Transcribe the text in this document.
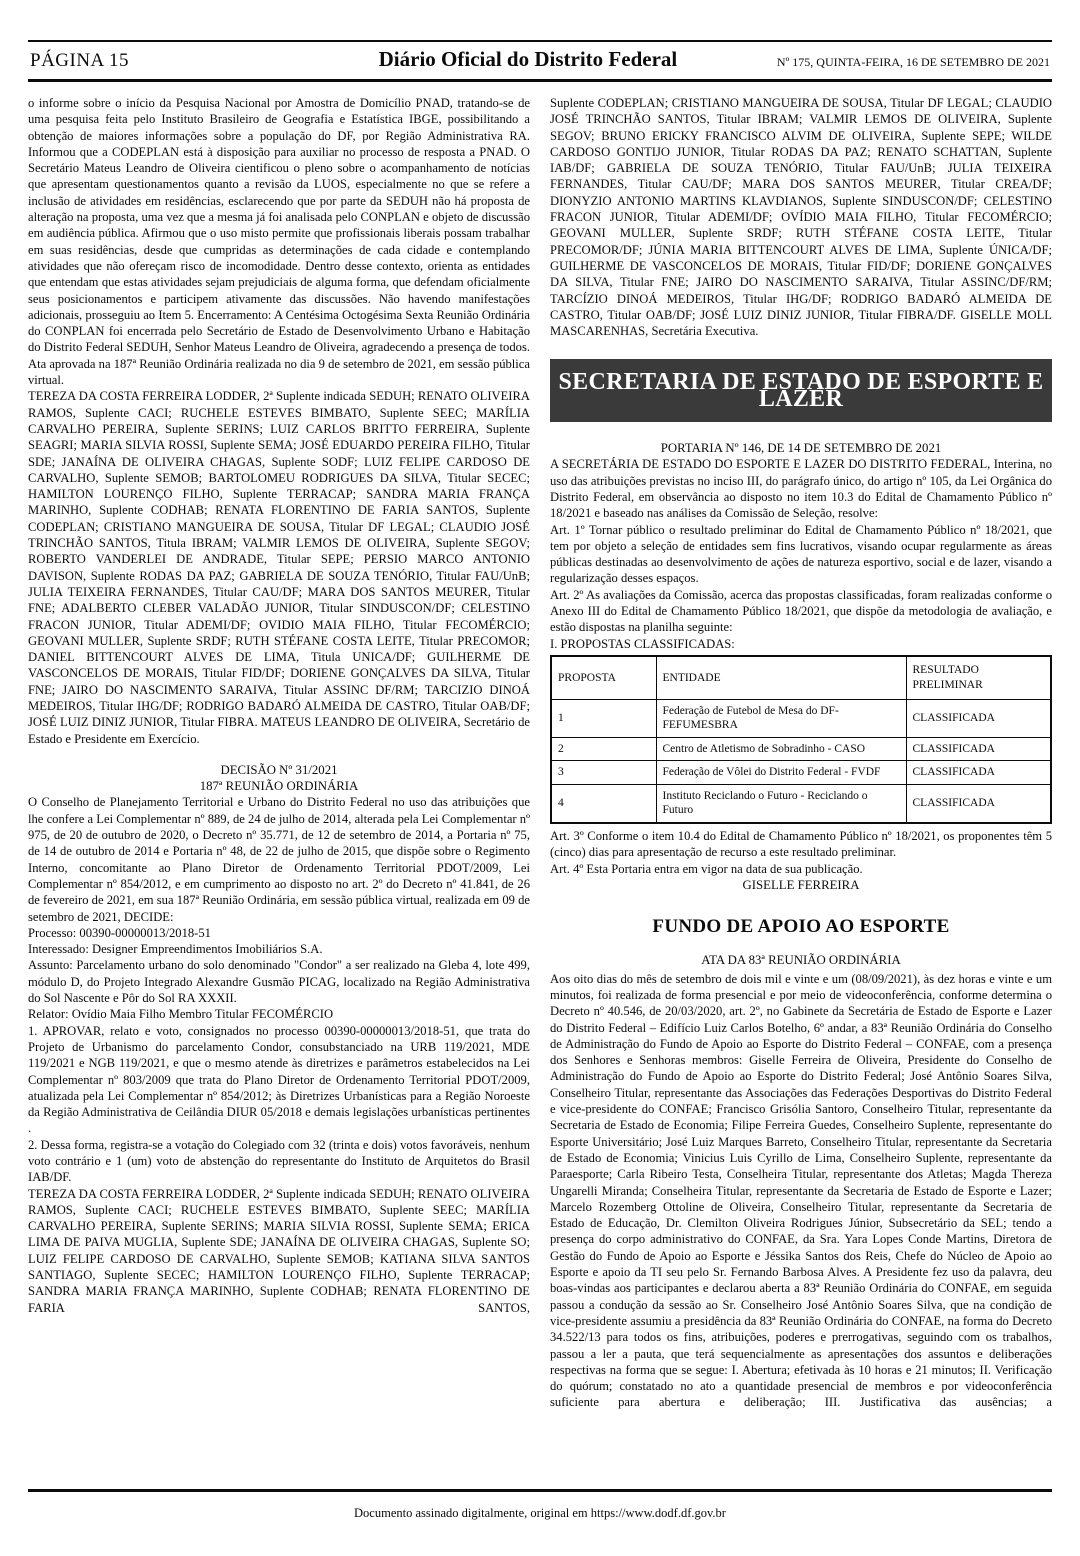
PÁGINA 15	Diário Oficial do Distrito Federal	Nº 175, QUINTA-FEIRA, 16 DE SETEMBRO DE 2021

o informe sobre o início da Pesquisa Nacional por Amostra de Domicílio PNAD, tratando-se de uma pesquisa feita pelo Instituto Brasileiro de Geografia e Estatística IBGE, possibilitando a obtenção de maiores informações sobre a população do DF, por Região Administrativa RA. Informou que a CODEPLAN está à disposição para auxiliar no processo de resposta a PNAD. O Secretário Mateus Leandro de Oliveira cientificou o pleno sobre o acompanhamento de notícias que apresentam questionamentos quanto a revisão da LUOS, especialmente no que se refere a inclusão de atividades em residências, esclarecendo que por parte da SEDUH não há proposta de alteração na proposta, uma vez que a mesma já foi analisada pelo CONPLAN e objeto de discussão em audiência pública. Afirmou que o uso misto permite que profissionais liberais possam trabalhar em suas residências, desde que cumpridas as determinações de cada cidade e contemplando atividades que não ofereçam risco de incomodidade. Dentro desse contexto, orienta as entidades que entendam que estas atividades sejam prejudiciais de alguma forma, que defendam oficialmente seus posicionamentos e participem ativamente das discussões. Não havendo manifestações adicionais, prosseguiu ao Item 5. Encerramento: A Centésima Octogésima Sexta Reunião Ordinária do CONPLAN foi encerrada pelo Secretário de Estado de Desenvolvimento Urbano e Habitação do Distrito Federal SEDUH, Senhor Mateus Leandro de Oliveira, agradecendo a presença de todos. Ata aprovada na 187ª Reunião Ordinária realizada no dia 9 de setembro de 2021, em sessão pública virtual.

TEREZA DA COSTA FERREIRA LODDER, 2ª Suplente indicada SEDUH; RENATO OLIVEIRA RAMOS, Suplente CACI; RUCHELE ESTEVES BIMBATO, Suplente SEEC; MARÍLIA CARVALHO PEREIRA, Suplente SERINS; LUIZ CARLOS BRITTO FERREIRA, Suplente SEAGRI; MARIA SILVIA ROSSI, Suplente SEMA; JOSÉ EDUARDO PEREIRA FILHO, Titular SDE; JANAÍNA DE OLIVEIRA CHAGAS, Suplente SODF; LUIZ FELIPE CARDOSO DE CARVALHO, Suplente SEMOB; BARTOLOMEU RODRIGUES DA SILVA, Titular SECEC; HAMILTON LOURENÇO FILHO, Suplente TERRACAP; SANDRA MARIA FRANÇA MARINHO, Suplente CODHAB; RENATA FLORENTINO DE FARIA SANTOS, Suplente CODEPLAN; CRISTIANO MANGUEIRA DE SOUSA, Titular DF LEGAL; CLAUDIO JOSÉ TRINCHÃO SANTOS, Titula IBRAM; VALMIR LEMOS DE OLIVEIRA, Suplente SEGOV; ROBERTO VANDERLEI DE ANDRADE, Titular SEPE; PERSIO MARCO ANTONIO DAVISON, Suplente RODAS DA PAZ; GABRIELA DE SOUZA TENÓRIO, Titular FAU/UnB; JULIA TEIXEIRA FERNANDES, Titular CAU/DF; MARA DOS SANTOS MEURER, Titular FNE; ADALBERTO CLEBER VALADÃO JUNIOR, Titular SINDUSCON/DF; CELESTINO FRACON JUNIOR, Titular ADEMI/DF; OVIDIO MAIA FILHO, Titular FECOMÉRCIO; GEOVANI MULLER, Suplente SRDF; RUTH STÉFANE COSTA LEITE, Titular PRECOMOR; DANIEL BITTENCOURT ALVES DE LIMA, Titula UNICA/DF; GUILHERME DE VASCONCELOS DE MORAIS, Titular FID/DF; DORIENE GONÇALVES DA SILVA, Titular FNE; JAIRO DO NASCIMENTO SARAIVA, Titular ASSINC DF/RM; TARCIZIO DINOÁ MEDEIROS, Titular IHG/DF; RODRIGO BADARÓ ALMEIDA DE CASTRO, Titular OAB/DF; JOSÉ LUIZ DINIZ JUNIOR, Titular FIBRA. MATEUS LEANDRO DE OLIVEIRA, Secretário de Estado e Presidente em Exercício.

DECISÃO Nº 31/2021
187ª REUNIÃO ORDINÁRIA

O Conselho de Planejamento Territorial e Urbano do Distrito Federal no uso das atribuições que lhe confere a Lei Complementar nº 889, de 24 de julho de 2014, alterada pela Lei Complementar nº 975, de 20 de outubro de 2020, o Decreto nº 35.771, de 12 de setembro de 2014, a Portaria nº 75, de 14 de outubro de 2014 e Portaria nº 48, de 22 de julho de 2015, que dispõe sobre o Regimento Interno, concomitante ao Plano Diretor de Ordenamento Territorial PDOT/2009, Lei Complementar nº 854/2012, e em cumprimento ao disposto no art. 2º do Decreto nº 41.841, de 26 de fevereiro de 2021, em sua 187ª Reunião Ordinária, em sessão pública virtual, realizada em 09 de setembro de 2021, DECIDE:

Processo: 00390-00000013/2018-51

Interessado: Designer Empreendimentos Imobiliários S.A.

Assunto: Parcelamento urbano do solo denominado "Condor" a ser realizado na Gleba 4, lote 499, módulo D, do Projeto Integrado Alexandre Gusmão PICAG, localizado na Região Administrativa do Sol Nascente e Pôr do Sol RA XXXII.

Relator: Ovídio Maia Filho Membro Titular FECOMÉRCIO

1. APROVAR, relato e voto, consignados no processo 00390-00000013/2018-51, que trata do Projeto de Urbanismo do parcelamento Condor, consubstanciado na URB 119/2021, MDE 119/2021 e NGB 119/2021, e que o mesmo atende às diretrizes e parâmetros estabelecidos na Lei Complementar nº 803/2009 que trata do Plano Diretor de Ordenamento Territorial PDOT/2009, atualizada pela Lei Complementar nº 854/2012; às Diretrizes Urbanísticas para a Região Noroeste da Região Administrativa de Ceilândia DIUR 05/2018 e demais legislações urbanísticas pertinentes .

2. Dessa forma, registra-se a votação do Colegiado com 32 (trinta e dois) votos favoráveis, nenhum voto contrário e 1 (um) voto de abstenção do representante do Instituto de Arquitetos do Brasil IAB/DF.

TEREZA DA COSTA FERREIRA LODDER, 2ª Suplente indicada SEDUH; RENATO OLIVEIRA RAMOS, Suplente CACI; RUCHELE ESTEVES BIMBATO, Suplente SEEC; MARÍLIA CARVALHO PEREIRA, Suplente SERINS; MARIA SILVIA ROSSI, Suplente SEMA; ERICA LIMA DE PAIVA MUGLIA, Suplente SDE; JANAÍNA DE OLIVEIRA CHAGAS, Suplente SO; LUIZ FELIPE CARDOSO DE CARVALHO, Suplente SEMOB; KATIANA SILVA SANTOS SANTIAGO, Suplente SECEC; HAMILTON LOURENÇO FILHO, Suplente TERRACAP; SANDRA MARIA FRANÇA MARINHO, Suplente CODHAB; RENATA FLORENTINO DE FARIA SANTOS,

Suplente CODEPLAN; CRISTIANO MANGUEIRA DE SOUSA, Titular DF LEGAL; CLAUDIO JOSÉ TRINCHÃO SANTOS, Titular IBRAM; VALMIR LEMOS DE OLIVEIRA, Suplente SEGOV; BRUNO ERICKY FRANCISCO ALVIM DE OLIVEIRA, Suplente SEPE; WILDE CARDOSO GONTIJO JUNIOR, Titular RODAS DA PAZ; RENATO SCHATTAN, Suplente IAB/DF; GABRIELA DE SOUZA TENÓRIO, Titular FAU/UnB; JULIA TEIXEIRA FERNANDES, Titular CAU/DF; MARA DOS SANTOS MEURER, Titular CREA/DF; DIONYZIO ANTONIO MARTINS KLAVDIANOS, Suplente SINDUSCON/DF; CELESTINO FRACON JUNIOR, Titular ADEMI/DF; OVÍDIO MAIA FILHO, Titular FECOMÉRCIO; GEOVANI MULLER, Suplente SRDF; RUTH STÉFANE COSTA LEITE, Titular PRECOMOR/DF; JÚNIA MARIA BITTENCOURT ALVES DE LIMA, Suplente ÚNICA/DF; GUILHERME DE VASCONCELOS DE MORAIS, Titular FID/DF; DORIENE GONÇALVES DA SILVA, Titular FNE; JAIRO DO NASCIMENTO SARAIVA, Titular ASSINC/DF/RM; TARCÍZIO DINOÁ MEDEIROS, Titular IHG/DF; RODRIGO BADARÓ ALMEIDA DE CASTRO, Titular OAB/DF; JOSÉ LUIZ DINIZ JUNIOR, Titular FIBRA/DF. GISELLE MOLL MASCARENHAS, Secretária Executiva.

SECRETARIA DE ESTADO DE ESPORTE E LAZER
PORTARIA Nº 146, DE 14 DE SETEMBRO DE 2021

A SECRETÁRIA DE ESTADO DO ESPORTE E LAZER DO DISTRITO FEDERAL, Interina, no uso das atribuições previstas no inciso III, do parágrafo único, do artigo nº 105, da Lei Orgânica do Distrito Federal, em observância ao disposto no item 10.3 do Edital de Chamamento Público nº 18/2021 e baseado nas análises da Comissão de Seleção, resolve:

Art. 1º Tornar público o resultado preliminar do Edital de Chamamento Público nº 18/2021, que tem por objeto a seleção de entidades sem fins lucrativos, visando ocupar regularmente as áreas públicas destinadas ao desenvolvimento de ações de natureza esportivo, social e de lazer, visando a regularização desses espaços.

Art. 2º As avaliações da Comissão, acerca das propostas classificadas, foram realizadas conforme o Anexo III do Edital de Chamamento Público 18/2021, que dispõe da metodologia de avaliação, e estão dispostas na planilha seguinte:

I. PROPOSTAS CLASSIFICADAS:

PROPOSTA	ENTIDADE	RESULTADO PRELIMINAR
1	Federação de Futebol de Mesa do DF-FEFUMESBRA	CLASSIFICADA
2	Centro de Atletismo de Sobradinho - CASO	CLASSIFICADA
3	Federação de Vôlei do Distrito Federal - FVDF	CLASSIFICADA
4	Instituto Reciclando o Futuro - Reciclando o Futuro	CLASSIFICADA

Art. 3º Conforme o item 10.4 do Edital de Chamamento Público nº 18/2021, os proponentes têm 5 (cinco) dias para apresentação de recurso a este resultado preliminar.

Art. 4º Esta Portaria entra em vigor na data de sua publicação.

GISELLE FERREIRA
FUNDO DE APOIO AO ESPORTE
ATA DA 83ª REUNIÃO ORDINÁRIA

Aos oito dias do mês de setembro de dois mil e vinte e um (08/09/2021), às dez horas e vinte e um minutos, foi realizada de forma presencial e por meio de videoconferência, conforme determina o Decreto nº 40.546, de 20/03/2020, art. 2º, no Gabinete da Secretária de Estado de Esporte e Lazer do Distrito Federal – Edifício Luiz Carlos Botelho, 6º andar, a 83ª Reunião Ordinária do Conselho de Administração do Fundo de Apoio ao Esporte do Distrito Federal – CONFAE, com a presença dos Senhores e Senhoras membros: Giselle Ferreira de Oliveira, Presidente do Conselho de Administração do Fundo de Apoio ao Esporte do Distrito Federal; José Antônio Soares Silva, Conselheiro Titular, representante das Associações das Federações Desportivas do Distrito Federal e vice-presidente do CONFAE; Francisco Grisólia Santoro, Conselheiro Titular, representante da Secretaria de Estado de Economia; Filipe Ferreira Guedes, Conselheiro Suplente, representante do Esporte Universitário; José Luiz Marques Barreto, Conselheiro Titular, representante da Secretaria de Estado de Economia; Vinicius Luis Cyrillo de Lima, Conselheiro Suplente, representante da Paraesporte; Carla Ribeiro Testa, Conselheira Titular, representante dos Atletas; Magda Thereza Ungarelli Miranda; Conselheira Titular, representante da Secretaria de Estado de Esporte e Lazer; Marcelo Rozemberg Ottoline de Oliveira, Conselheiro Titular, representante da Secretaria de Estado de Educação, Dr. Clemilton Oliveira Rodrigues Júnior, Subsecretário da SEL; tendo a presença do corpo administrativo do CONFAE, da Sra. Yara Lopes Conde Martins, Diretora de Gestão do Fundo de Apoio ao Esporte e Jéssika Santos dos Reis, Chefe do Núcleo de Apoio ao Esporte e apoio da TI seu pelo Sr. Fernando Barbosa Alves. A Presidente fez uso da palavra, deu boas-vindas aos participantes e declarou aberta a 83ª Reunião Ordinária do CONFAE, em seguida passou a condução da sessão ao Sr. Conselheiro José Antônio Soares Silva, que na condição de vice-presidente assumiu a presidência da 83ª Reunião Ordinária do CONFAE, na forma do Decreto 34.522/13 para todos os fins, atribuições, poderes e prerrogativas, seguindo com os trabalhos, passou a ler a pauta, que terá sequencialmente as apresentações dos assuntos e deliberações respectivas na forma que se segue: I. Abertura; efetivada às 10 horas e 21 minutos; II. Verificação do quórum; constatado no ato a quantidade presencial de membros e por videoconferência suficiente para abertura e deliberação; III. Justificativa das ausências; a

Documento assinado digitalmente, original em https://www.dodf.df.gov.br
